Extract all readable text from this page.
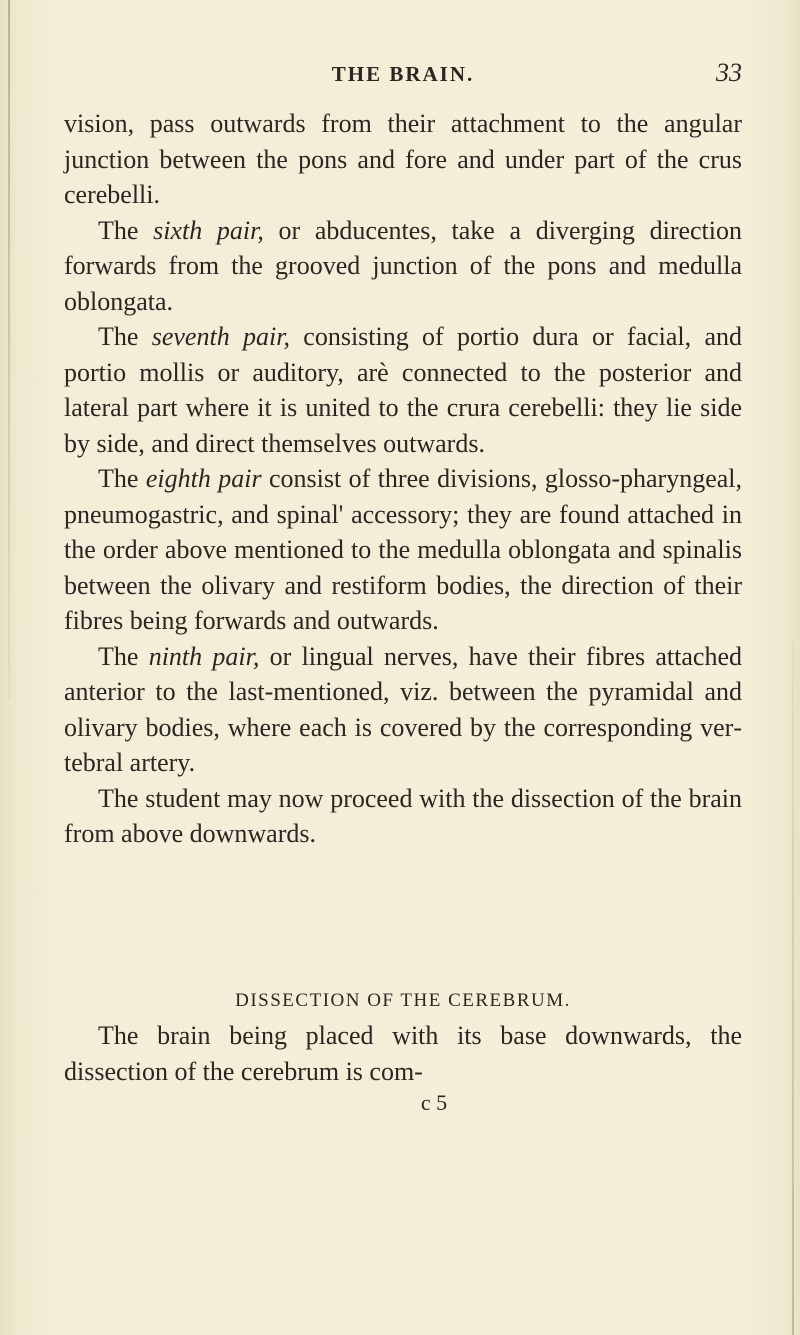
THE BRAIN.	33

vision, pass outwards from their attachment to the angular junction between the pons and fore and under part of the crus cerebelli.

The sixth pair, or abducentes, take a diverging direction forwards from the grooved junction of the pons and medulla oblongata.

The seventh pair, consisting of portio dura or facial, and portio mollis or auditory, arè connected to the posterior and lateral part where it is united to the crura cerebelli: they lie side by side, and direct themselves outwards.

The eighth pair consist of three divisions, glosso-pharyngeal, pneumogastric, and spinal' accessory; they are found attached in the order above mentioned to the medulla oblongata and spinalis between the olivary and restiform bodies, the direction of their fibres being forwards and outwards.

The ninth pair, or lingual nerves, have their fibres attached anterior to the last-mentioned, viz. between the pyramidal and olivary bodies, where each is covered by the corresponding vertebral artery.

The student may now proceed with the dissection of the brain from above downwards.

DISSECTION OF THE CEREBRUM.

The brain being placed with its base downwards, the dissection of the cerebrum is com-

c 5
